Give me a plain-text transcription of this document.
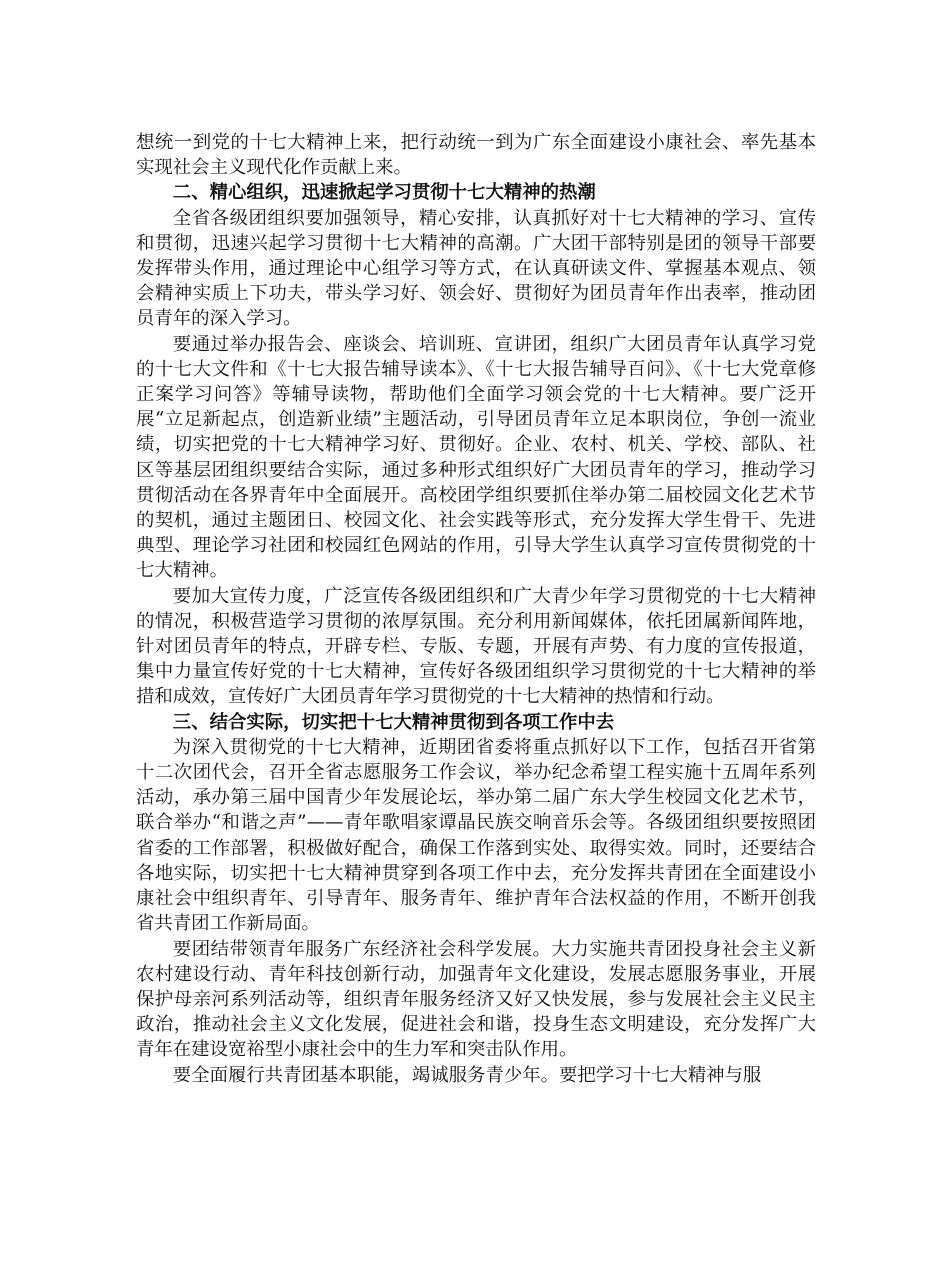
想统一到党的十七大精神上来，把行动统一到为广东全面建设小康社会、率先基本实现社会主义现代化作贡献上来。

二、精心组织，迅速掀起学习贯彻十七大精神的热潮

全省各级团组织要加强领导，精心安排，认真抓好对十七大精神的学习、宣传和贯彻，迅速兴起学习贯彻十七大精神的高潮。广大团干部特别是团的领导干部要发挥带头作用，通过理论中心组学习等方式，在认真研读文件、掌握基本观点、领会精神实质上下功夫，带头学习好、领会好、贯彻好为团员青年作出表率，推动团员青年的深入学习。

要通过举办报告会、座谈会、培训班、宣讲团，组织广大团员青年认真学习党的十七大文件和《十七大报告辅导读本》、《十七大报告辅导百问》、《十七大党章修正案学习问答》等辅导读物，帮助他们全面学习领会党的十七大精神。要广泛开展“立足新起点，创造新业绩”主题活动，引导团员青年立足本职岗位，争创一流业绩，切实把党的十七大精神学习好、贯彻好。企业、农村、机关、学校、部队、社区等基层团组织要结合实际，通过多种形式组织好广大团员青年的学习，推动学习贯彻活动在各界青年中全面展开。高校团学组织要抓住举办第二届校园文化艺术节的契机，通过主题团日、校园文化、社会实践等形式，充分发挥大学生骨干、先进典型、理论学习社团和校园红色网站的作用，引导大学生认真学习宣传贯彻党的十七大精神。

要加大宣传力度，广泛宣传各级团组织和广大青少年学习贯彻党的十七大精神的情况，积极营造学习贯彻的浓厚氛围。充分利用新闻媒体，依托团属新闻阵地，针对团员青年的特点，开辟专栏、专版、专题，开展有声势、有力度的宣传报道，集中力量宣传好党的十七大精神，宣传好各级团组织学习贯彻党的十七大精神的举措和成效，宣传好广大团员青年学习贯彻党的十七大精神的热情和行动。

三、结合实际，切实把十七大精神贯彻到各项工作中去

为深入贯彻党的十七大精神，近期团省委将重点抓好以下工作，包括召开省第十二次团代会，召开全省志愿服务工作会议，举办纪念希望工程实施十五周年系列活动，承办第三届中国青少年发展论坛，举办第二届广东大学生校园文化艺术节，联合举办“和谐之声”——青年歌唱家谭晶民族交响音乐会等。各级团组织要按照团省委的工作部署，积极做好配合，确保工作落到实处、取得实效。同时，还要结合各地实际，切实把十七大精神贯穿到各项工作中去，充分发挥共青团在全面建设小康社会中组织青年、引导青年、服务青年、维护青年合法权益的作用，不断开创我省共青团工作新局面。

要团结带领青年服务广东经济社会科学发展。大力实施共青团投身社会主义新农村建设行动、青年科技创新行动，加强青年文化建设，发展志愿服务事业，开展保护母亲河系列活动等，组织青年服务经济又好又快发展，参与发展社会主义民主政治，推动社会主义文化发展，促进社会和谐，投身生态文明建设，充分发挥广大青年在建设宽裕型小康社会中的生力军和突击队作用。

要全面履行共青团基本职能，竭诚服务青少年。要把学习十七大精神与服
